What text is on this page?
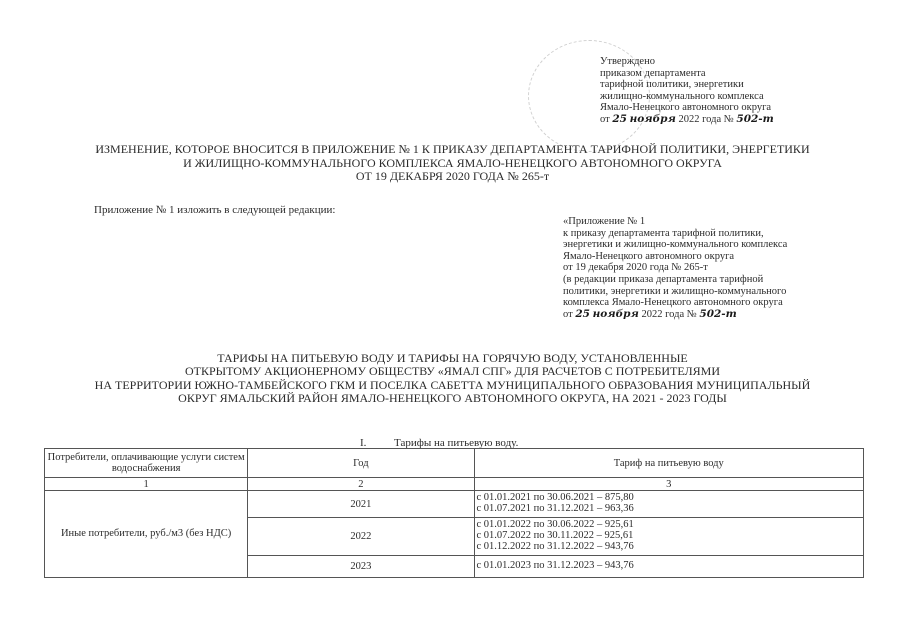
Утверждено
приказом департамента
тарифной политики, энергетики
жилищно-коммунального комплекса
Ямало-Ненецкого автономного округа
от 25 ноября 2022 года № 502-т
ИЗМЕНЕНИЕ, КОТОРОЕ ВНОСИТСЯ В ПРИЛОЖЕНИЕ № 1 К ПРИКАЗУ ДЕПАРТАМЕНТА ТАРИФНОЙ ПОЛИТИКИ, ЭНЕРГЕТИКИ
И ЖИЛИЩНО-КОММУНАЛЬНОГО КОМПЛЕКСА ЯМАЛО-НЕНЕЦКОГО АВТОНОМНОГО ОКРУГА
ОТ 19 ДЕКАБРЯ 2020 ГОДА № 265-т
Приложение № 1 изложить в следующей редакции:
«Приложение № 1
к приказу департамента тарифной политики,
энергетики и жилищно-коммунального комплекса
Ямало-Ненецкого автономного округа
от 19 декабря 2020 года № 265-т
(в редакции приказа департамента тарифной
политики, энергетики и жилищно-коммунального
комплекса Ямало-Ненецкого автономного округа
от 25 ноября 2022 года № 502-т
ТАРИФЫ НА ПИТЬЕВУЮ ВОДУ И ТАРИФЫ НА ГОРЯЧУЮ ВОДУ, УСТАНОВЛЕННЫЕ
ОТКРЫТОМУ АКЦИОНЕРНОМУ ОБЩЕСТВУ «ЯМАЛ СПГ» ДЛЯ РАСЧЕТОВ С ПОТРЕБИТЕЛЯМИ
НА ТЕРРИТОРИИ ЮЖНО-ТАМБЕЙСКОГО ГКМ И ПОСЕЛКА САБЕТТА МУНИЦИПАЛЬНОГО ОБРАЗОВАНИЯ МУНИЦИПАЛЬНЫЙ
ОКРУГ ЯМАЛЬСКИЙ РАЙОН ЯМАЛО-НЕНЕЦКОГО АВТОНОМНОГО ОКРУГА, НА 2021 - 2023 ГОДЫ
I.	Тарифы на питьевую воду.
Потребители, оплачивающие услуги систем водоснабжения	Год	Тариф на питьевую воду
1	2	3
Иные потребители, руб./м3 (без НДС)	2021	с 01.01.2021 по 30.06.2021 – 875,80
с 01.07.2021 по 31.12.2021 – 963,36

	2022	с 01.01.2022 по 30.06.2022 – 925,61
с 01.07.2022 по 30.11.2022 – 925,61
с 01.12.2022 по 31.12.2022 – 943,76

	2023	с 01.01.2023 по 31.12.2023 – 943,76
